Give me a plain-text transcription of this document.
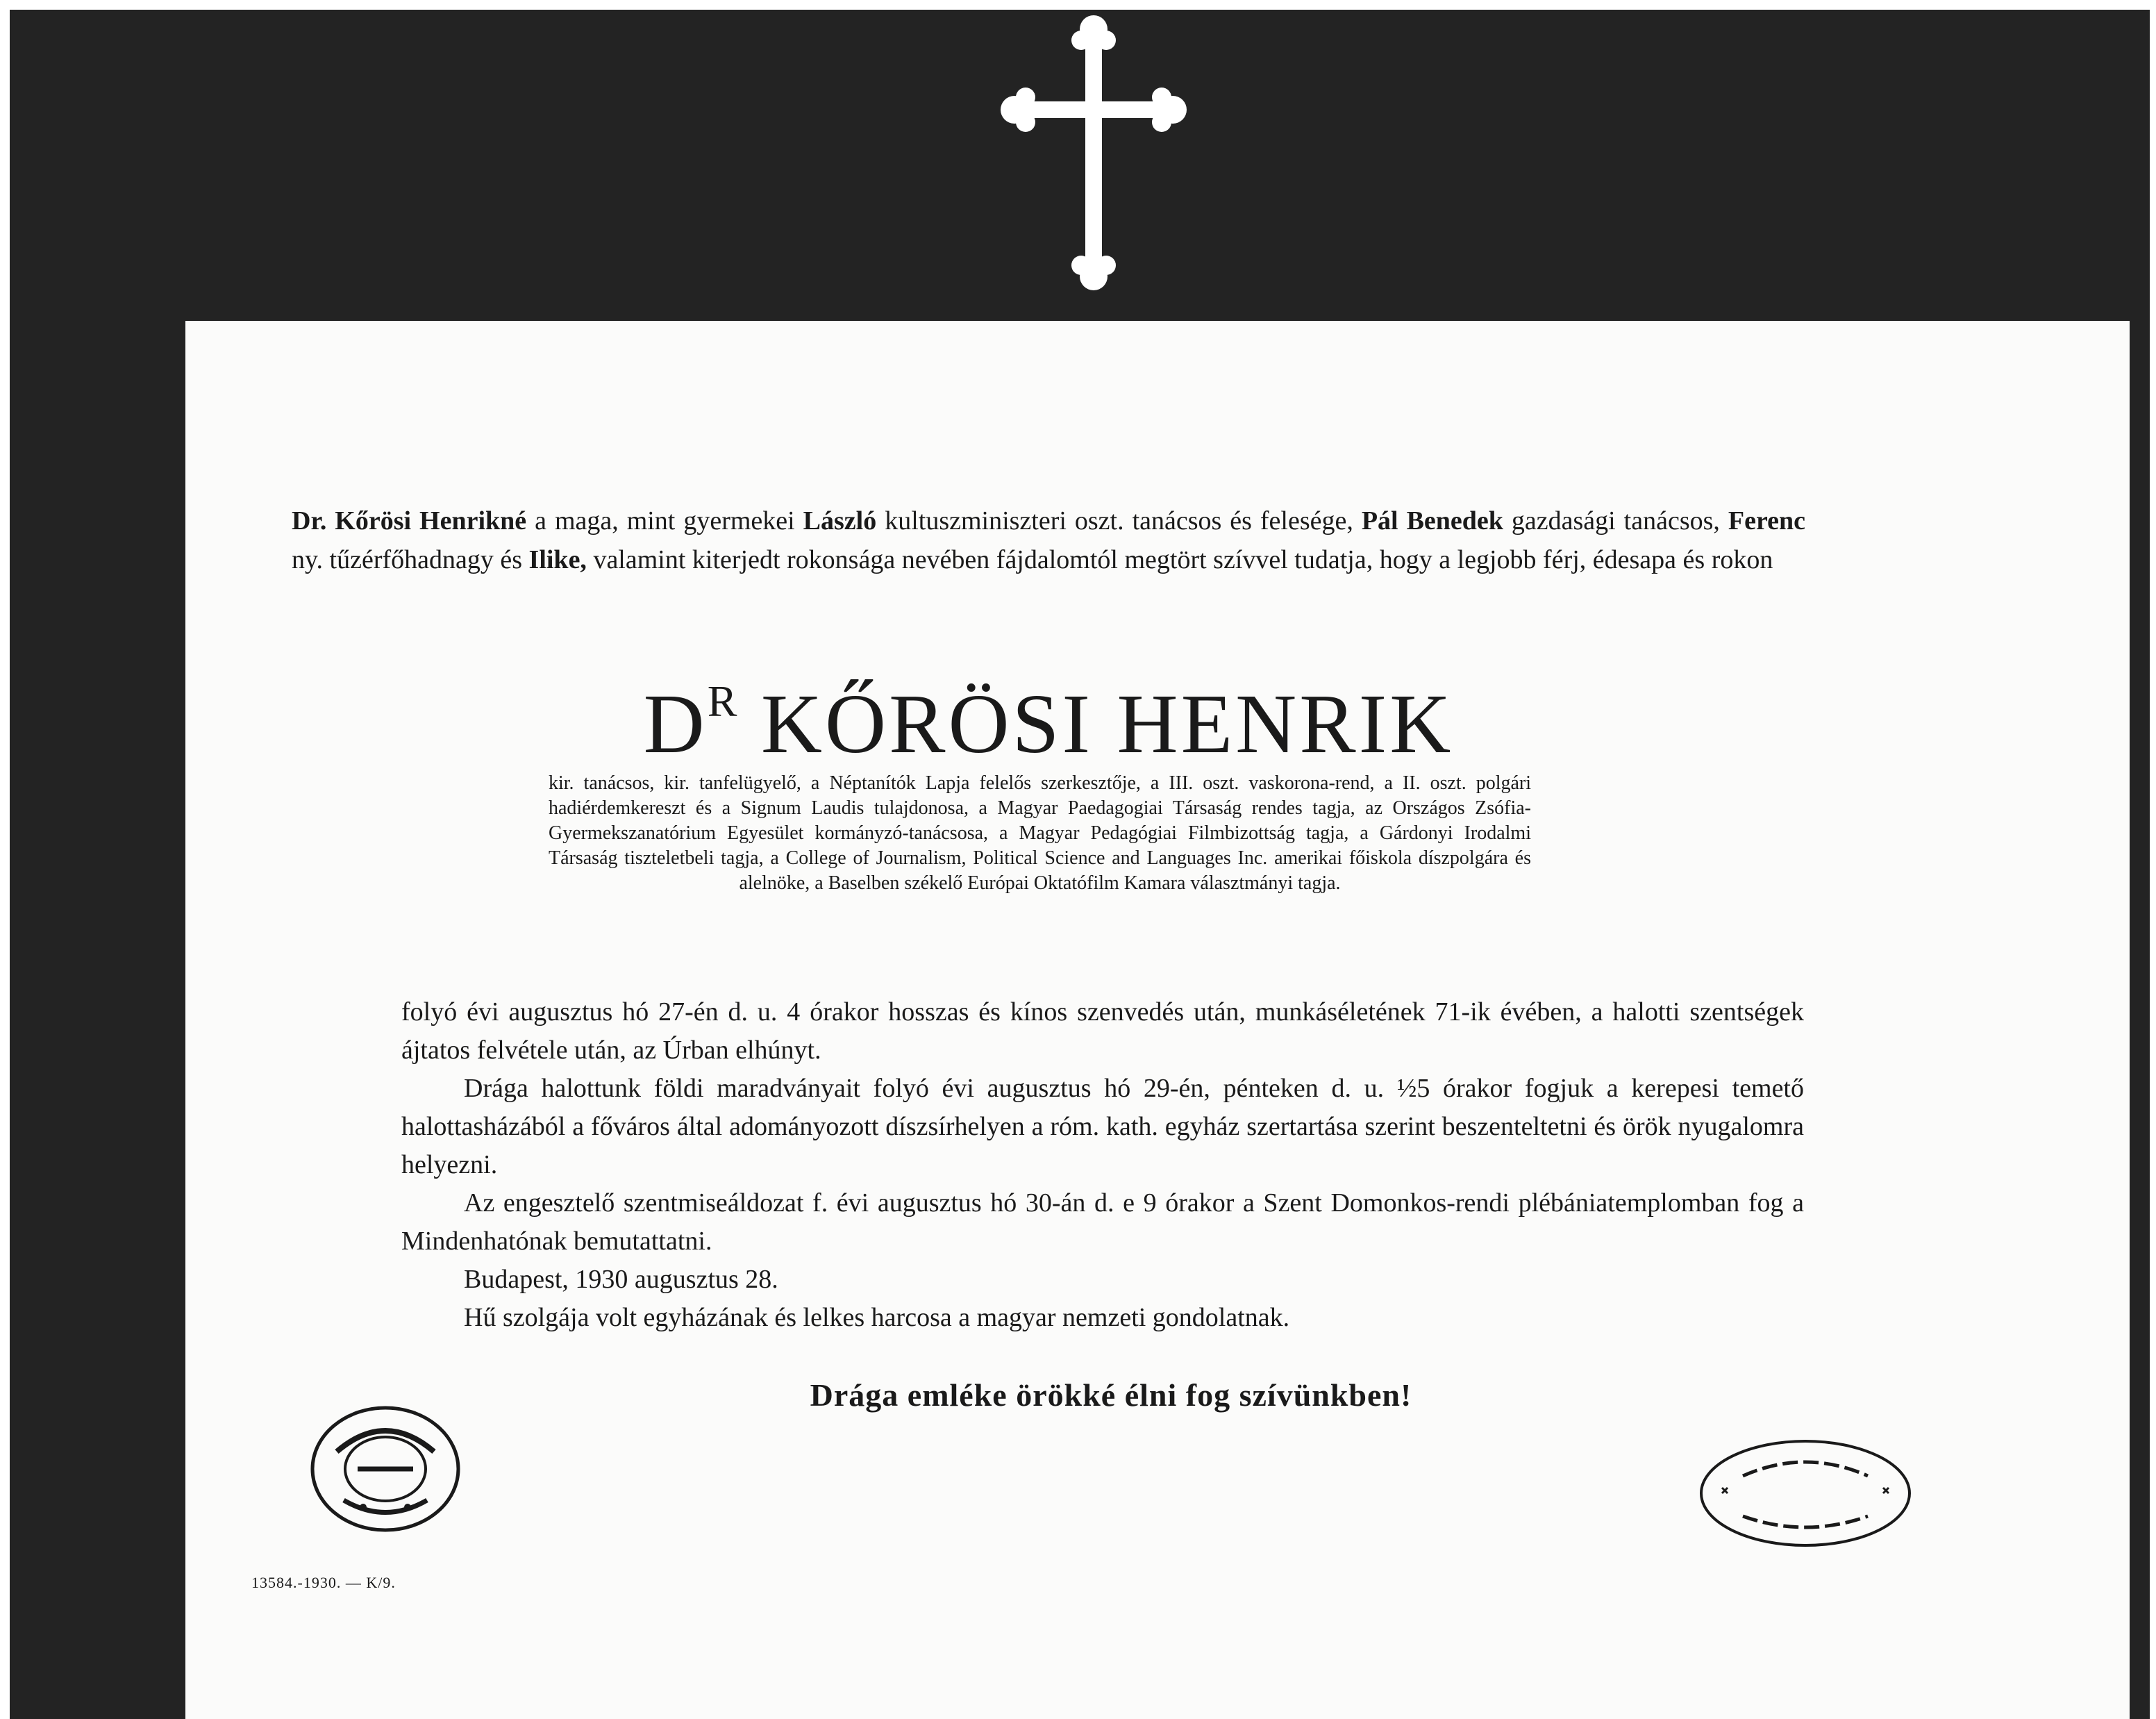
Dr. Kőrösi Henrikné a maga, mint gyermekei László kultuszminiszteri oszt. tanácsos és felesége, Pál Benedek gazdasági tanácsos, Ferenc ny. tűzérfőhadnagy és Ilike, valamint kiterjedt rokonsága nevében fájdalomtól megtört szívvel tudatja, hogy a legjobb férj, édesapa és rokon
$D^R$ KŐRÖSI HENRIK
kir. tanácsos, kir. tanfelügyelő, a Néptanítók Lapja felelős szerkesztője, a III. oszt. vaskorona-rend, a II. oszt. polgári hadiérdemkereszt és a Signum Laudis tulajdonosa, a Magyar Paedagogiai Társaság rendes tagja, az Országos Zsófia-Gyermekszanatórium Egyesület kormányzó-tanácsosa, a Magyar Pedagógiai Filmbizottság tagja, a Gárdonyi Irodalmi Társaság tiszteletbeli tagja, a College of Journalism, Political Science and Languages Inc. amerikai főiskola díszpolgára és alelnöke, a Baselben székelő Európai Oktatófilm Kamara választmányi tagja.

folyó évi augusztus hó 27-én d. u. 4 órakor hosszas és kínos szenvedés után, munkáséletének 71-ik évében, a halotti szentségek ájtatos felvétele után, az Úrban elhúnyt.

Drága halottunk földi maradványait folyó évi augusztus hó 29-én, pénteken d. u. ½5 órakor fogjuk a kerepesi temető halottasházából a főváros által adományozott díszsírhelyen a róm. kath. egyház szertartása szerint beszenteltetni és örök nyugalomra helyezni.

Az engesztelő szentmiseáldozat f. évi augusztus hó 30-án d. e 9 órakor a Szent Domonkos-rendi plébániatemplomban fog a Mindenhatónak bemutattatni.

Budapest, 1930 augusztus 28.

Hű szolgája volt egyházának és lelkes harcosa a magyar nemzeti gondolatnak.

Drága emléke örökké élni fog szívünkben!
13584.-1930. — K/9.
